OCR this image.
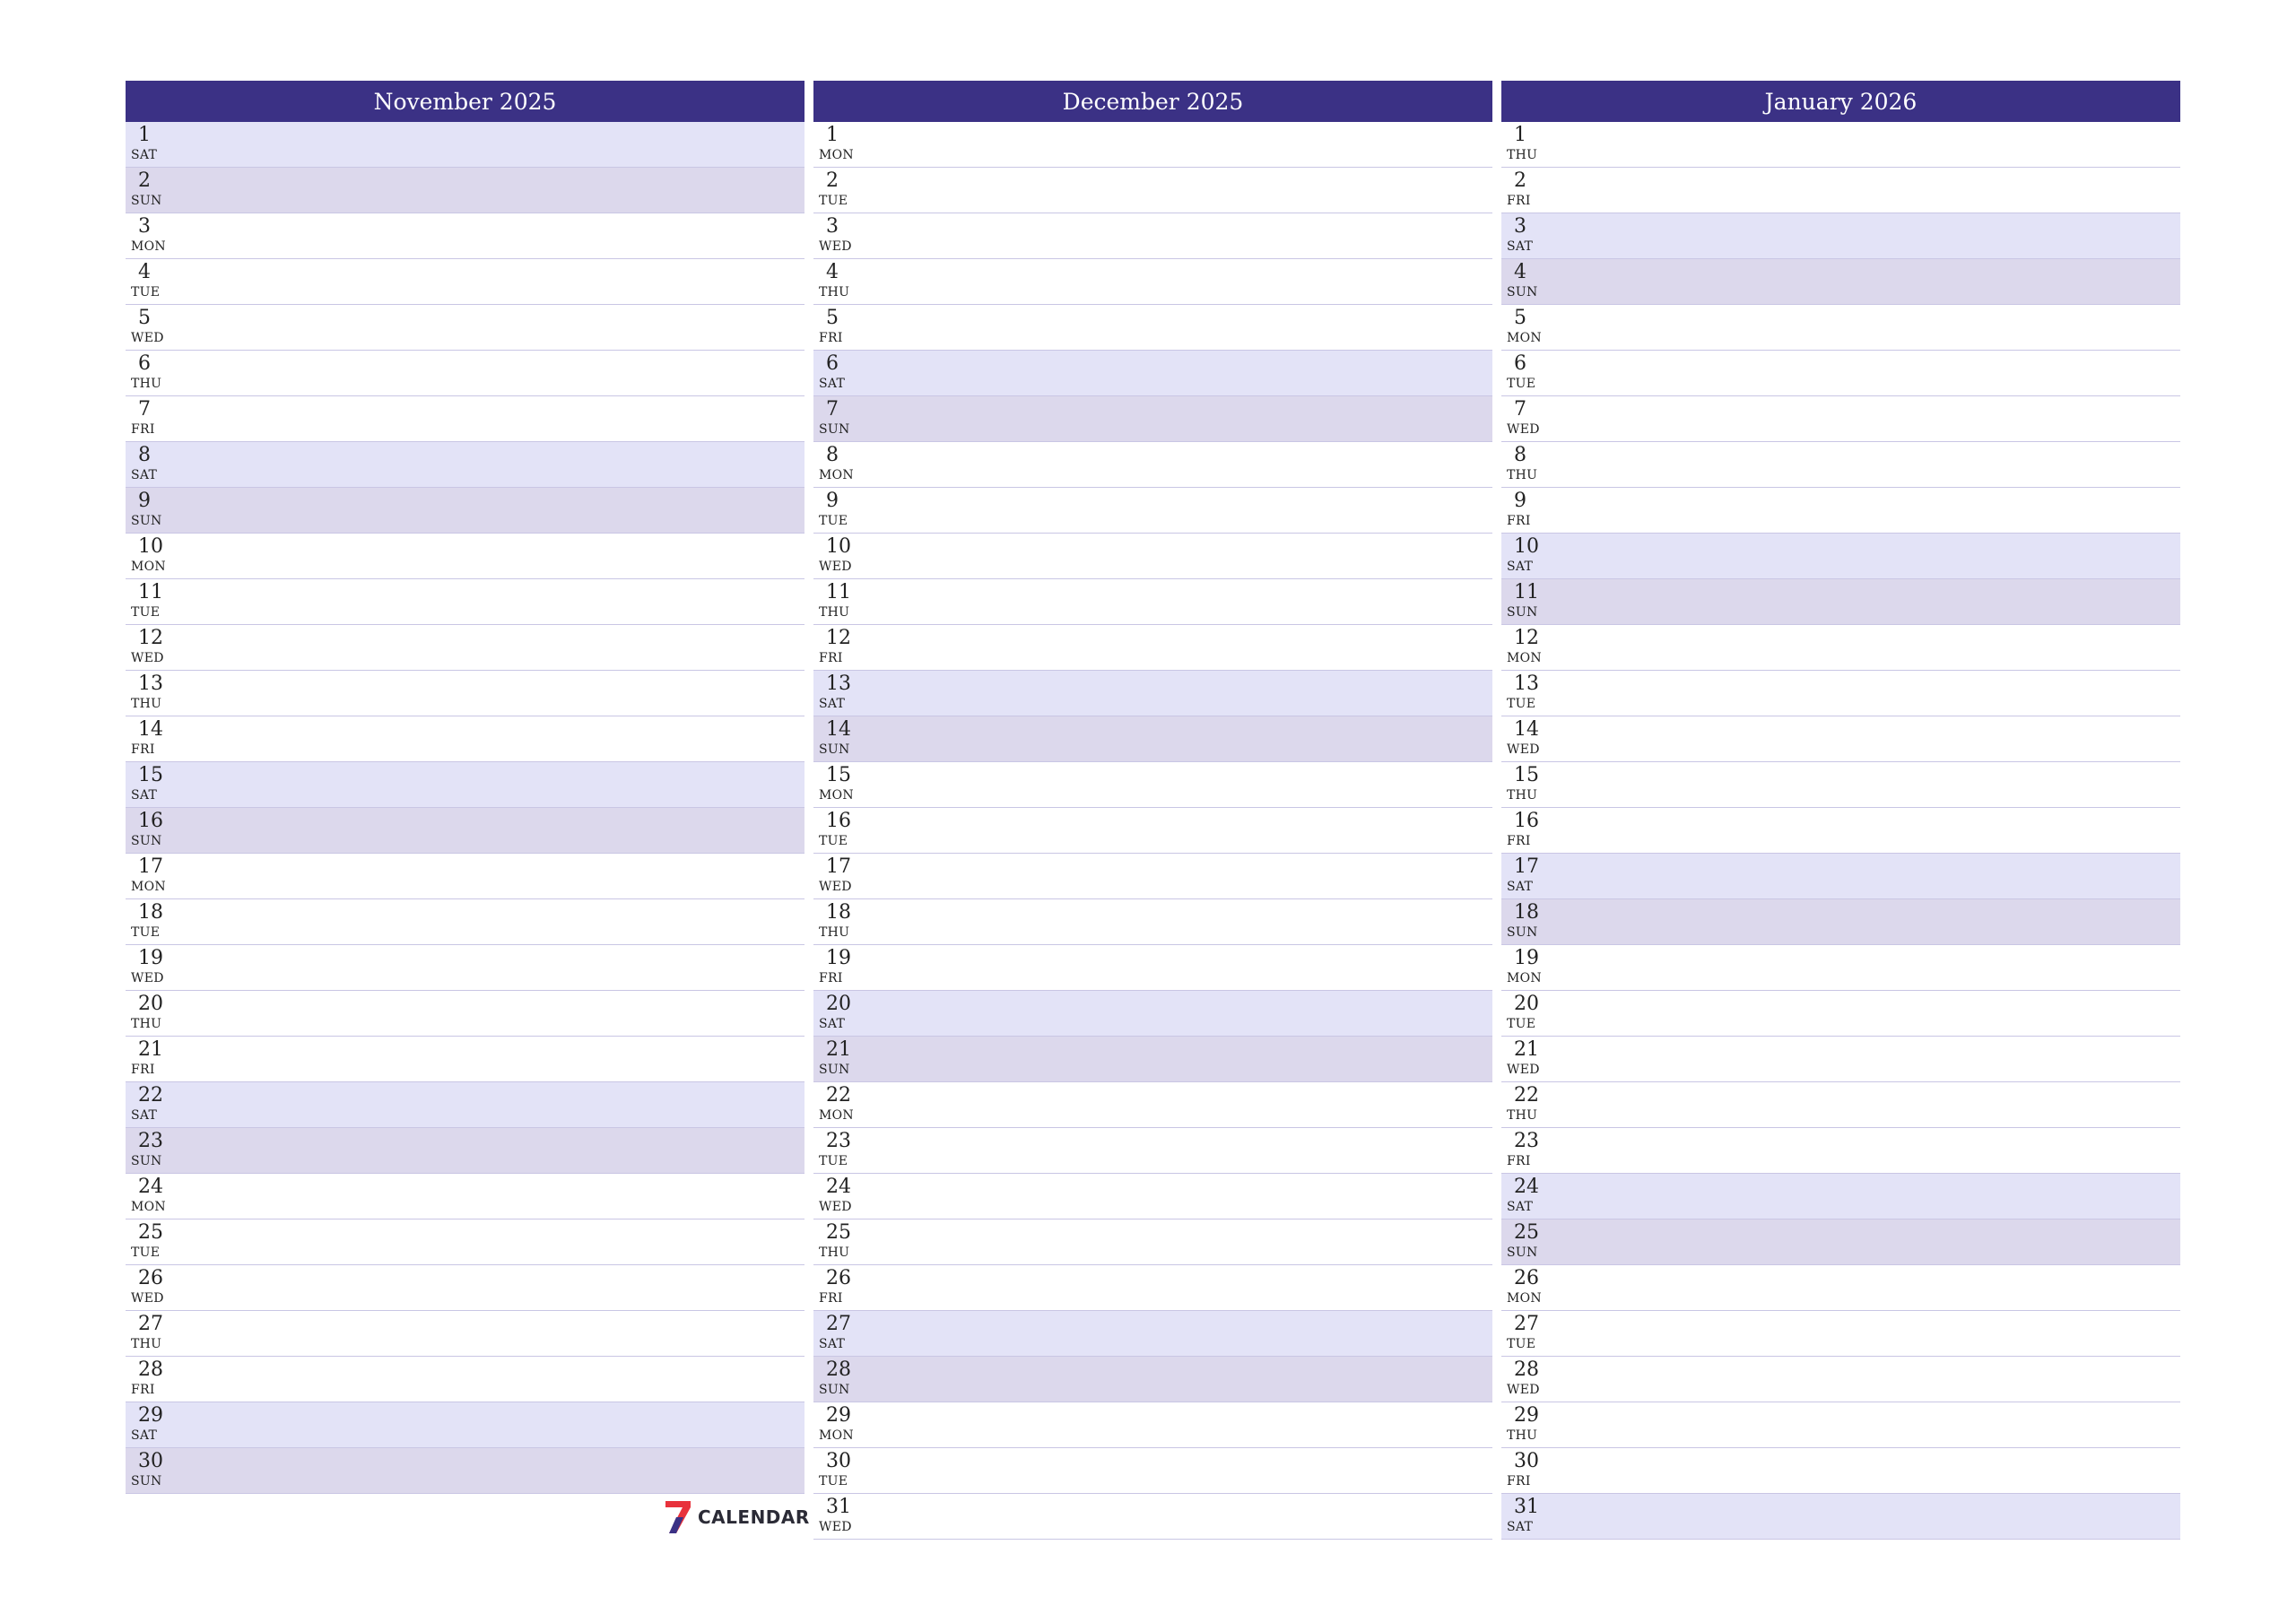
November 2025
1
SAT
2
SUN
3
MON
4
TUE
5
WED
6
THU
7
FRI
8
SAT
9
SUN
10
MON
11
TUE
12
WED
13
THU
14
FRI
15
SAT
16
SUN
17
MON
18
TUE
19
WED
20
THU
21
FRI
22
SAT
23
SUN
24
MON
25
TUE
26
WED
27
THU
28
FRI
29
SAT
30
SUN
December 2025
1
MON
2
TUE
3
WED
4
THU
5
FRI
6
SAT
7
SUN
8
MON
9
TUE
10
WED
11
THU
12
FRI
13
SAT
14
SUN
15
MON
16
TUE
17
WED
18
THU
19
FRI
20
SAT
21
SUN
22
MON
23
TUE
24
WED
25
THU
26
FRI
27
SAT
28
SUN
29
MON
30
TUE
31
WED
January 2026
1
THU
2
FRI
3
SAT
4
SUN
5
MON
6
TUE
7
WED
8
THU
9
FRI
10
SAT
11
SUN
12
MON
13
TUE
14
WED
15
THU
16
FRI
17
SAT
18
SUN
19
MON
20
TUE
21
WED
22
THU
23
FRI
24
SAT
25
SUN
26
MON
27
TUE
28
WED
29
THU
30
FRI
31
SAT
CALENDAR
